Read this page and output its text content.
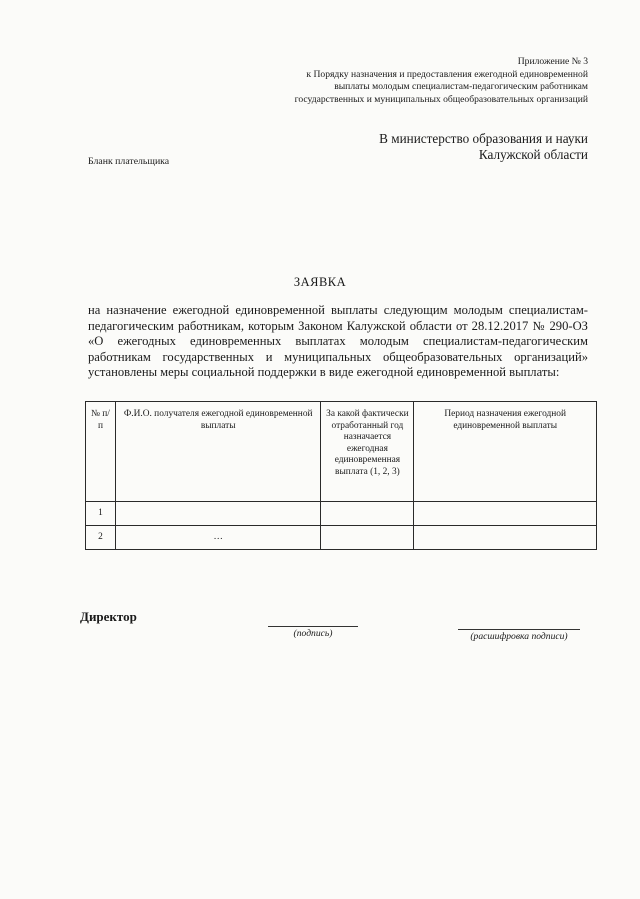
Приложение № 3
к Порядку назначения и предоставления ежегодной единовременной
выплаты молодым специалистам-педагогическим работникам
государственных и муниципальных общеобразовательных организаций
В министерство образования и науки
Калужской области
Бланк плательщика
ЗАЯВКА
на назначение ежегодной единовременной выплаты следующим молодым специалистам-педагогическим работникам, которым Законом Калужской области от 28.12.2017 № 290-ОЗ «О ежегодных единовременных выплатах молодым специалистам-педагогическим работникам государственных и муниципальных общеобразовательных организаций» установлены меры социальной поддержки в виде ежегодной единовременной выплаты:
№ п/п	Ф.И.О. получателя ежегодной единовременной выплаты	За какой фактически отработанный год назначается ежегодная единовременная выплата (1, 2, 3)	Период назначения ежегодной единовременной выплаты
1			
2	…		
Директор
(подпись)	(расшифровка подписи)
